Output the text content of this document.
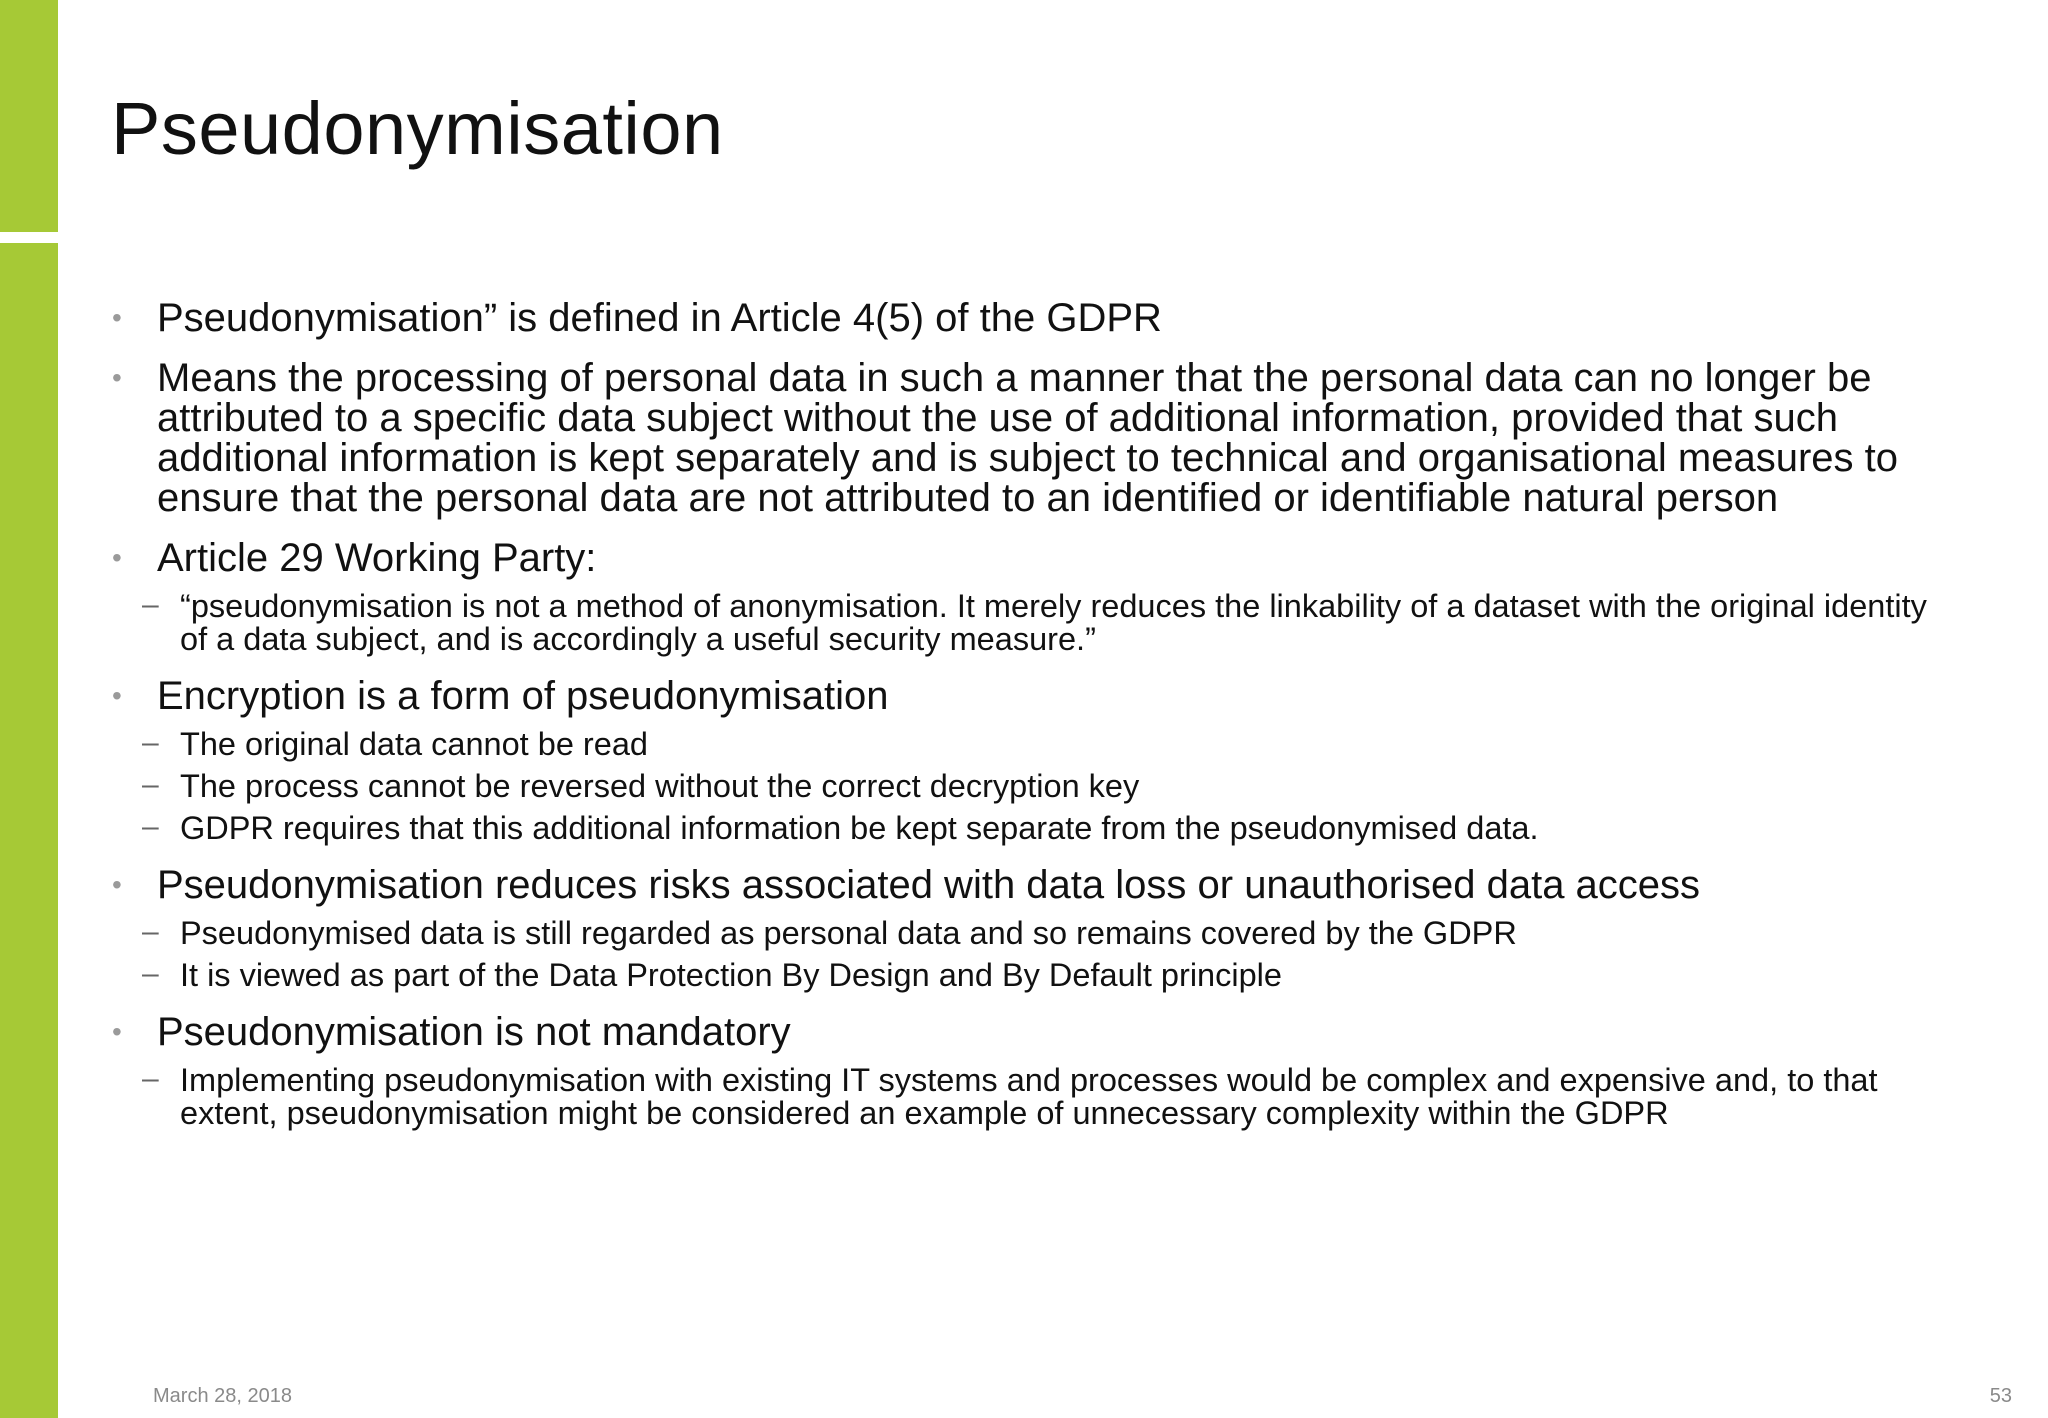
Pseudonymisation
• Pseudonymisation” is defined in Article 4(5) of the GDPR
• Means the processing of personal data in such a manner that the personal data can no longer be attributed to a specific data subject without the use of additional information, provided that such additional information is kept separately and is subject to technical and organisational measures to ensure that the personal data are not attributed to an identified or identifiable natural person
• Article 29 Working Party:
– “pseudonymisation is not a method of anonymisation. It merely reduces the linkability of a dataset with the original identity of a data subject, and is accordingly a useful security measure.”
• Encryption is a form of pseudonymisation
– The original data cannot be read
– The process cannot be reversed without the correct decryption key
– GDPR requires that this additional information be kept separate from the pseudonymised data.
• Pseudonymisation reduces risks associated with data loss or unauthorised data access
– Pseudonymised data is still regarded as personal data and so remains covered by the GDPR
– It is viewed as part of the Data Protection By Design and By Default principle
• Pseudonymisation is not mandatory
– Implementing pseudonymisation with existing IT systems and processes would be complex and expensive and, to that extent, pseudonymisation might be considered an example of unnecessary complexity within the GDPR
March 28, 2018	53
